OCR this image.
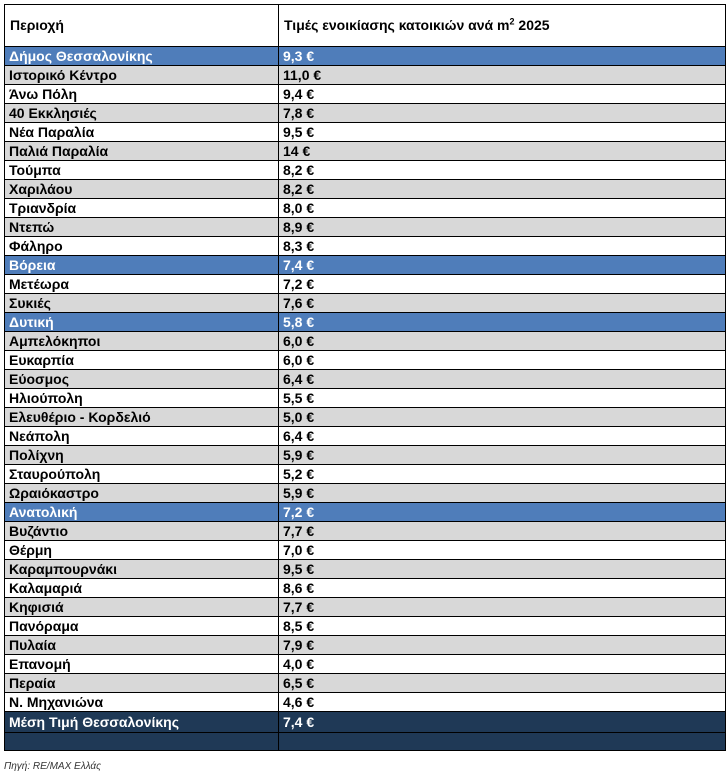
Περιοχή	Τιμές ενοικίασης κατοικιών ανά $m^2$ 2025
Δήμος Θεσσαλονίκης	9,3 €
Ιστορικό Κέντρο	11,0 €
Άνω Πόλη	9,4 €
40 Εκκλησιές	7,8 €
Νέα Παραλία	9,5 €
Παλιά Παραλία	14 €
Τούμπα	8,2 €
Χαριλάου	8,2 €
Τριανδρία	8,0 €
Ντεπώ	8,9 €
Φάληρο	8,3 €
Βόρεια	7,4 €
Μετέωρα	7,2 €
Συκιές	7,6 €
Δυτική	5,8 €
Αμπελόκηποι	6,0 €
Ευκαρπία	6,0 €
Εύοσμος	6,4 €
Ηλιούπολη	5,5 €
Ελευθέριο - Κορδελιό	5,0 €
Νεάπολη	6,4 €
Πολίχνη	5,9 €
Σταυρούπολη	5,2 €
Ωραιόκαστρο	5,9 €
Ανατολική	7,2 €
Βυζάντιο	7,7 €
Θέρμη	7,0 €
Καραμπουρνάκι	9,5 €
Καλαμαριά	8,6 €
Κηφισιά	7,7 €
Πανόραμα	8,5 €
Πυλαία	7,9 €
Επανομή	4,0 €
Περαία	6,5 €
Ν. Μηχανιώνα	4,6 €
Μέση Τιμή Θεσσαλονίκης	7,4 €

Πηγή: RE/MAX Ελλάς
